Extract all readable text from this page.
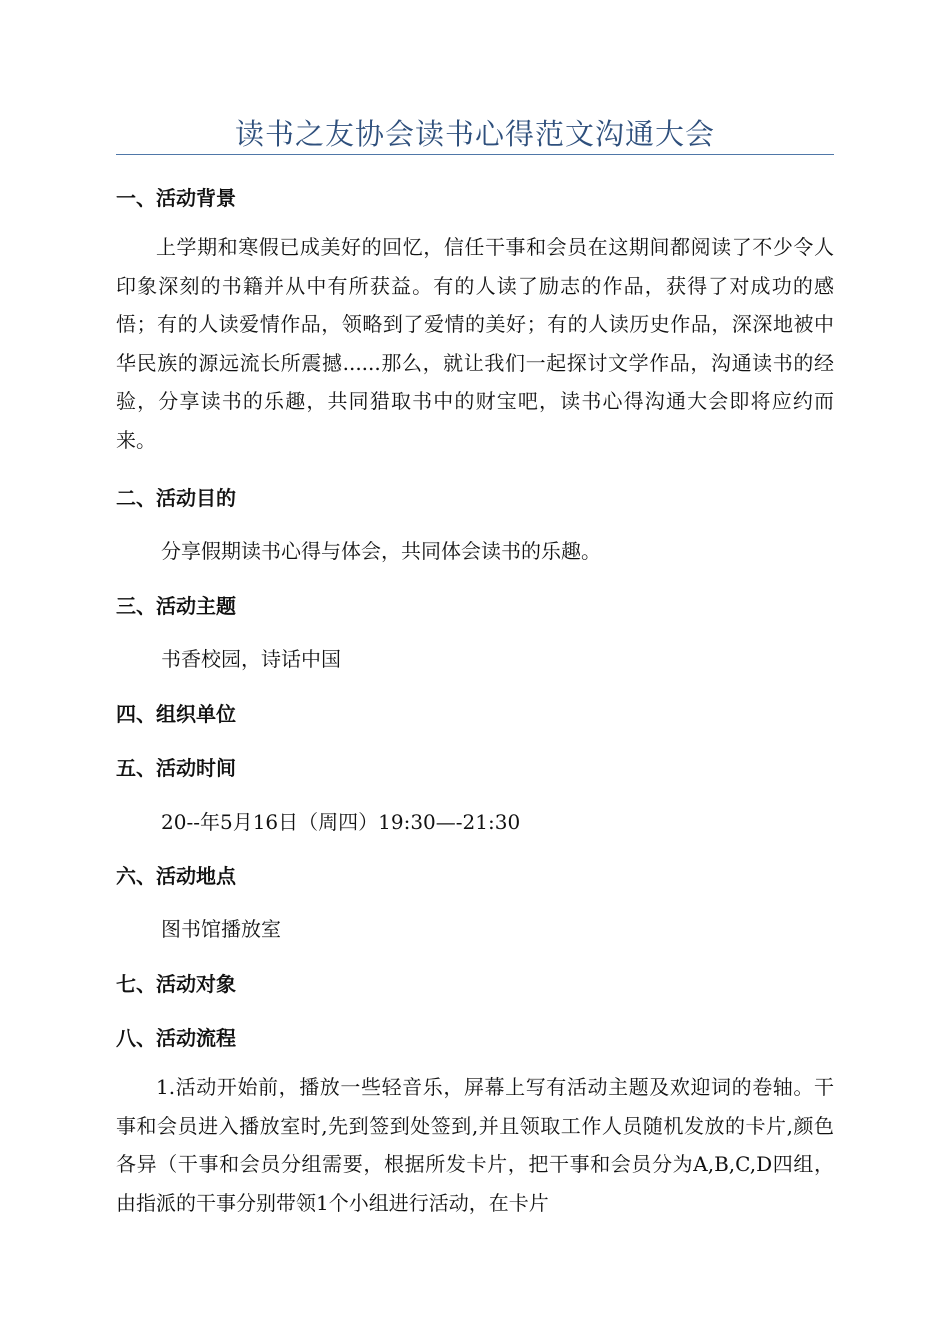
读书之友协会读书心得范文沟通大会
一、活动背景
上学期和寒假已成美好的回忆，信任干事和会员在这期间都阅读了不少令人印象深刻的书籍并从中有所获益。有的人读了励志的作品，获得了对成功的感悟；有的人读爱情作品，领略到了爱情的美好；有的人读历史作品，深深地被中华民族的源远流长所震撼......那么，就让我们一起探讨文学作品，沟通读书的经验，分享读书的乐趣，共同猎取书中的财宝吧，读书心得沟通大会即将应约而来。
二、活动目的
分享假期读书心得与体会，共同体会读书的乐趣。
三、活动主题
书香校园，诗话中国
四、组织单位
五、活动时间
20--年5月16日（周四）19:30—-21:30
六、活动地点
图书馆播放室
七、活动对象
八、活动流程
1.活动开始前，播放一些轻音乐，屏幕上写有活动主题及欢迎词的卷轴。干事和会员进入播放室时,先到签到处签到,并且领取工作人员随机发放的卡片,颜色各异（干事和会员分组需要，根据所发卡片，把干事和会员分为A,B,C,D四组，由指派的干事分别带领1个小组进行活动，在卡片
